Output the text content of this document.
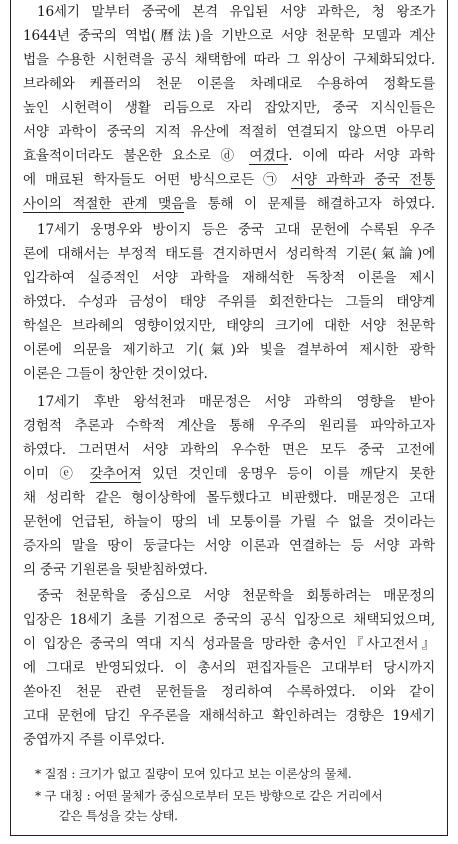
16세기 말부터 중국에 본격 유입된 서양 과학은, 청 왕조가
1644년 중국의 역법(曆法)을 기반으로 서양 천문학 모델과 계산
법을 수용한 시헌력을 공식 채택함에 따라 그 위상이 구체화되었다.
브라헤와 케플러의 천문 이론을 차례대로 수용하여 정확도를
높인 시헌력이 생활 리듬으로 자리 잡았지만, 중국 지식인들은
서양 과학이 중국의 지적 유산에 적절히 연결되지 않으면 아무리
효율적이더라도 불온한 요소로 ⓓ 여겼다. 이에 따라 서양 과학
에 매료된 학자들도 어떤 방식으로든 ㉠ 서양 과학과 중국 전통
사이의 적절한 관계 맺음을 통해 이 문제를 해결하고자 하였다.
17세기 웅명우와 방이지 등은 중국 고대 문헌에 수록된 우주
론에 대해서는 부정적 태도를 견지하면서 성리학적 기론(氣論)에
입각하여 실증적인 서양 과학을 재해석한 독창적 이론을 제시
하였다. 수성과 금성이 태양 주위를 회전한다는 그들의 태양계
학설은 브라헤의 영향이었지만, 태양의 크기에 대한 서양 천문학
이론에 의문을 제기하고 기(氣)와 빛을 결부하여 제시한 광학
이론은 그들이 창안한 것이었다.
17세기 후반 왕석천과 매문정은 서양 과학의 영향을 받아
경험적 추론과 수학적 계산을 통해 우주의 원리를 파악하고자
하였다. 그러면서 서양 과학의 우수한 면은 모두 중국 고전에
이미 ⓔ 갖추어져 있던 것인데 웅명우 등이 이를 깨닫지 못한
채 성리학 같은 형이상학에 몰두했다고 비판했다. 매문정은 고대
문헌에 언급된, 하늘이 땅의 네 모퉁이를 가릴 수 없을 것이라는
증자의 말을 땅이 둥글다는 서양 이론과 연결하는 등 서양 과학
의 중국 기원론을 뒷받침하였다.
중국 천문학을 중심으로 서양 천문학을 회통하려는 매문정의
입장은 18세기 초를 기점으로 중국의 공식 입장으로 채택되었으며,
이 입장은 중국의 역대 지식 성과물을 망라한 총서인『사고전서』
에 그대로 반영되었다. 이 총서의 편집자들은 고대부터 당시까지
쏟아진 천문 관련 문헌들을 정리하여 수록하였다. 이와 같이
고대 문헌에 담긴 우주론을 재해석하고 확인하려는 경향은 19세기
중엽까지 주를 이루었다.
* 질점 : 크기가 없고 질량이 모여 있다고 보는 이론상의 물체.
* 구 대칭 : 어떤 물체가 중심으로부터 모든 방향으로 같은 거리에서
같은 특성을 갖는 상태.
